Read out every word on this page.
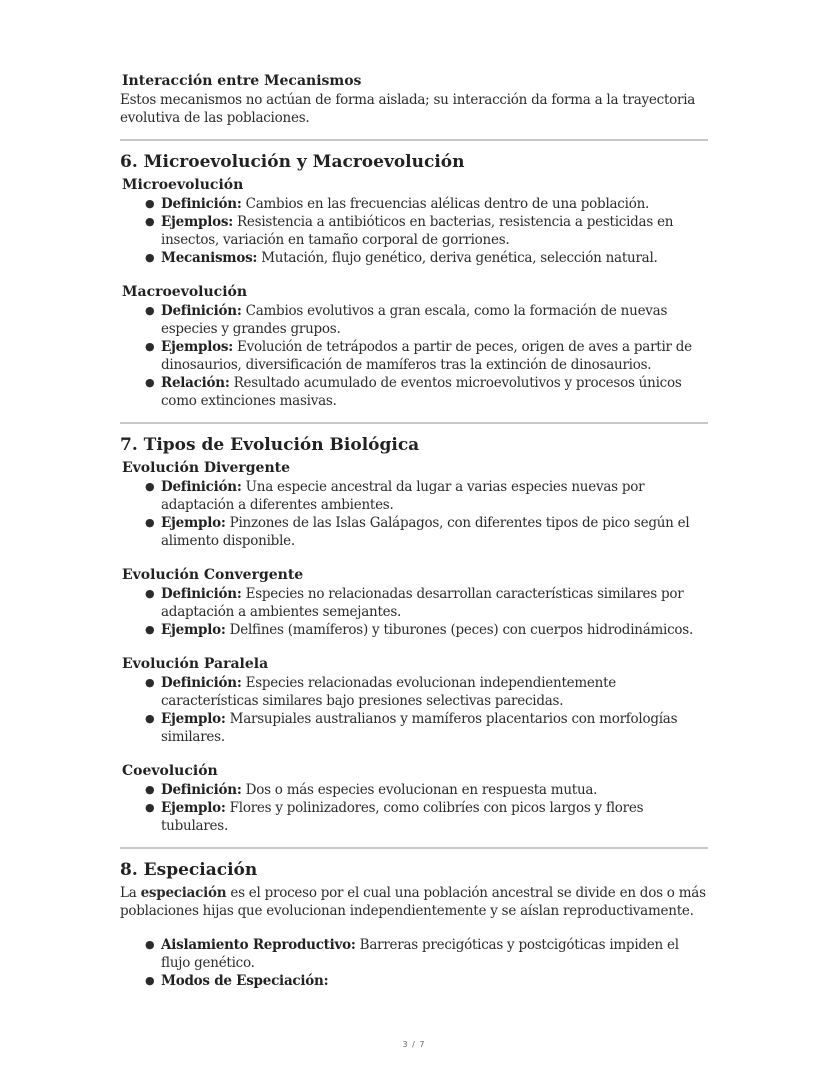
Interacción entre Mecanismos

Estos mecanismos no actúan de forma aislada; su interacción da forma a la trayectoria evolutiva de las poblaciones.

6. Microevolución y Macroevolución
Microevolución
● Definición: Cambios en las frecuencias alélicas dentro de una población.
● Ejemplos: Resistencia a antibióticos en bacterias, resistencia a pesticidas en insectos, variación en tamaño corporal de gorriones.
● Mecanismos: Mutación, flujo genético, deriva genética, selección natural.
Macroevolución
● Definición: Cambios evolutivos a gran escala, como la formación de nuevas especies y grandes grupos.
● Ejemplos: Evolución de tetrápodos a partir de peces, origen de aves a partir de dinosaurios, diversificación de mamíferos tras la extinción de dinosaurios.
● Relación: Resultado acumulado de eventos microevolutivos y procesos únicos como extinciones masivas.
7. Tipos de Evolución Biológica
Evolución Divergente
● Definición: Una especie ancestral da lugar a varias especies nuevas por adaptación a diferentes ambientes.
● Ejemplo: Pinzones de las Islas Galápagos, con diferentes tipos de pico según el alimento disponible.
Evolución Convergente
● Definición: Especies no relacionadas desarrollan características similares por adaptación a ambientes semejantes.
● Ejemplo: Delfines (mamíferos) y tiburones (peces) con cuerpos hidrodinámicos.
Evolución Paralela
● Definición: Especies relacionadas evolucionan independientemente características similares bajo presiones selectivas parecidas.
● Ejemplo: Marsupiales australianos y mamíferos placentarios con morfologías similares.
Coevolución
● Definición: Dos o más especies evolucionan en respuesta mutua.
● Ejemplo: Flores y polinizadores, como colibríes con picos largos y flores tubulares.
8. Especiación

La especiación es el proceso por el cual una población ancestral se divide en dos o más poblaciones hijas que evolucionan independientemente y se aíslan reproductivamente.

● Aislamiento Reproductivo: Barreras precigóticas y postcigóticas impiden el flujo genético.
● Modos de Especiación:
3 / 7
